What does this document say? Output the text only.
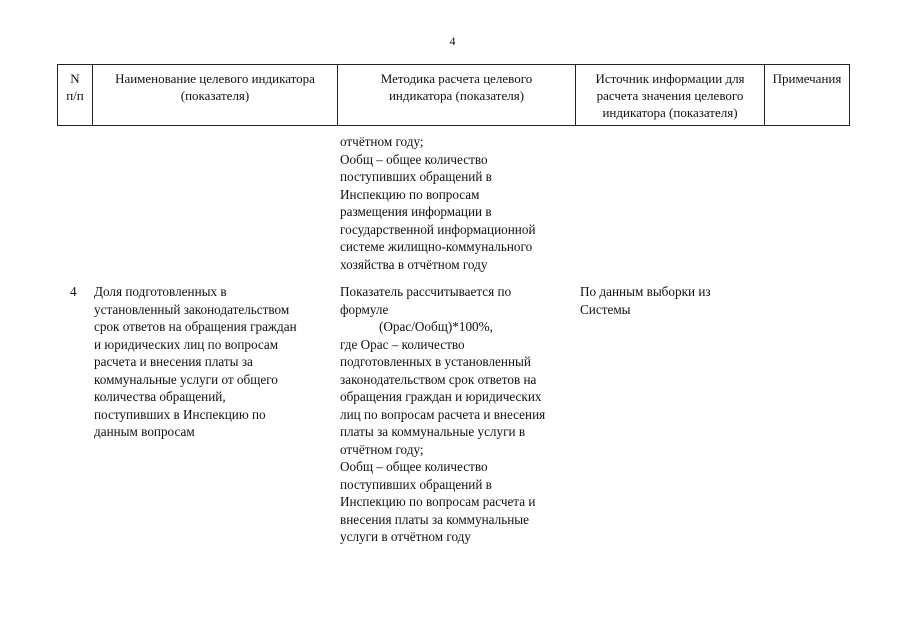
4
N
п/п
Наименование целевого индикатора
(показателя)
Методика расчета целевого
индикатора (показателя)
Источник информации для
расчета значения целевого
индикатора (показателя)
Примечания
отчётном году;
Ообщ – общее количество
поступивших обращений в
Инспекцию по вопросам
размещения информации в
государственной информационной
системе жилищно-коммунального
хозяйства в отчётном году
4	Доля подготовленных в
установленный законодательством
срок ответов на обращения граждан
и юридических лиц по вопросам
расчета и внесения платы за
коммунальные услуги от общего
количества обращений,
поступивших в Инспекцию по
данным вопросам
Показатель рассчитывается по
формуле
(Орас/Ообщ)*100%,
где Орас – количество
подготовленных в установленный
законодательством срок ответов на
обращения граждан и юридических
лиц по вопросам расчета и внесения
платы за коммунальные услуги в
отчётном году;
Ообщ – общее количество
поступивших обращений в
Инспекцию по вопросам расчета и
внесения платы за коммунальные
услуги в отчётном году
По данным выборки из
Системы
